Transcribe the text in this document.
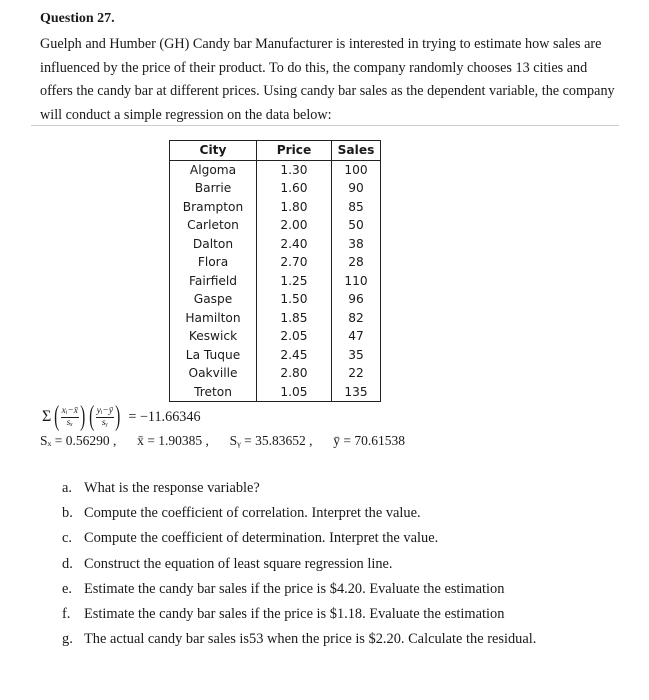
Question 27.
Guelph and Humber (GH) Candy bar Manufacturer is interested in trying to estimate how sales are influenced by the price of their product. To do this, the company randomly chooses 13 cities and offers the candy bar at different prices. Using candy bar sales as the dependent variable, the company will conduct a simple regression on the data below:
City	Price	Sales
Algoma	1.30	100
Barrie	1.60	90
Brampton	1.80	85
Carleton	2.00	50
Dalton	2.40	38
Flora	2.70	28
Fairfield	1.25	110
Gaspe	1.50	96
Hamilton	1.85	82
Keswick	2.05	47
La Tuque	2.45	35
Oakville	2.80	22
Treton	1.05	135
Σ ( $\frac{\text{xᵢ−x̄}}{\text{sₓ}}$ ) ( $\frac{\text{yᵢ−ȳ}}{\text{sᵧ}}$ ) = −11.66346
Sₓ = 0.56290 , x̄ = 1.90385 , Sᵧ = 35.83652 , ȳ = 70.61538
a. What is the response variable?
b. Compute the coefficient of correlation. Interpret the value.
c. Compute the coefficient of determination. Interpret the value.
d. Construct the equation of least square regression line.
e. Estimate the candy bar sales if the price is $4.20. Evaluate the estimation
f. Estimate the candy bar sales if the price is $1.18. Evaluate the estimation
g. The actual candy bar sales is53 when the price is $2.20. Calculate the residual.
